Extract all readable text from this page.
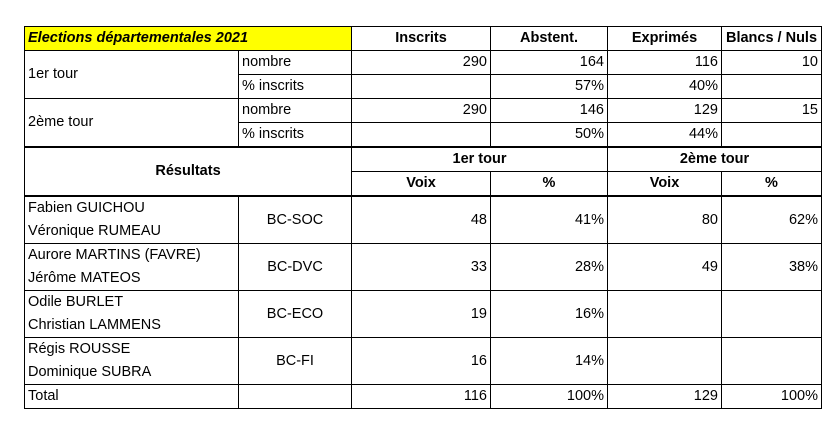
Elections départementales 2021		Inscrits	Abstent.	Exprimés	Blancs / Nuls
1er tour	nombre	290	164	116	10
	% inscrits		57%	40%	
2ème tour	nombre	290	146	129	15
	% inscrits		50%	44%	
Résultats		1er tour		2ème tour	
		Voix	%	Voix	%
Fabien GUICHOU	BC-SOC	48	41%	80	62%
Véronique RUMEAU					
Aurore MARTINS (FAVRE)	BC-DVC	33	28%	49	38%
Jérôme MATEOS					
Odile BURLET	BC-ECO	19	16%		
Christian LAMMENS					
Régis ROUSSE	BC-FI	16	14%		
Dominique SUBRA					
Total		116	100%	129	100%
